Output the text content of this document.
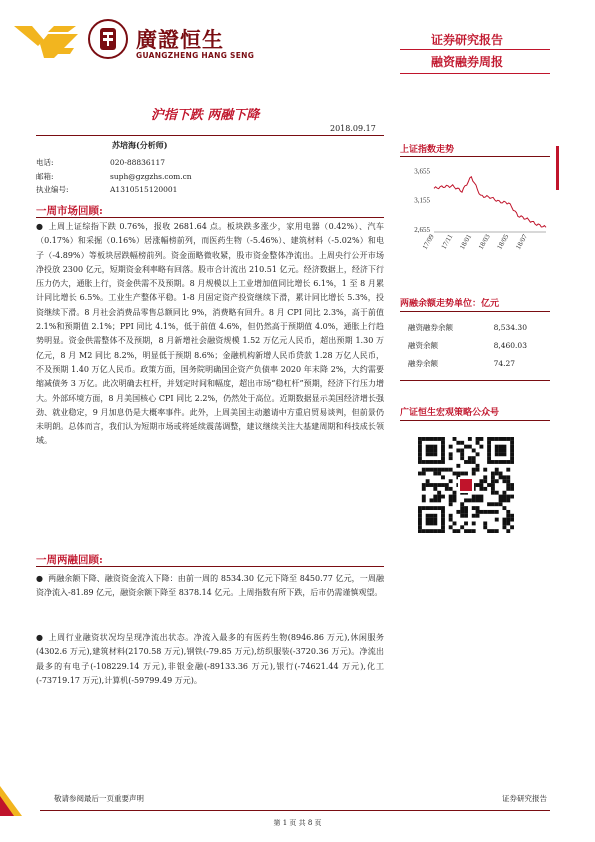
廣證恒生
GUANGZHENG HANG SENG
证券研究报告
融资融券周报
沪指下跌 两融下降
2018.09.17
苏培海(分析师)
电话:	020-88836117
邮箱:	suph@gzgzhs.com.cn
执业编号:	A1310515120001
一周市场回顾:
● 上周上证综指下跌 0.76%，报收 2681.64 点。板块跌多涨少，家用电器（0.42%）、汽车（0.17%）和采掘（0.16%）居涨幅榜前列，而医药生物（-5.46%）、建筑材料（-5.02%）和电子（-4.89%）等板块居跌幅榜前列。资金面略微收紧，股市资金整体净流出。上周央行公开市场净投放 2300 亿元，短期资金利率略有回落。股市合计流出 210.51 亿元。经济数据上，经济下行压力仍大，通胀上行，资金供需不及预期。8 月规模以上工业增加值同比增长 6.1%，1 至 8 月累计同比增长 6.5%。工业生产整体平稳。1-8 月固定资产投资继续下滑，累计同比增长 5.3%，投资继续下滑。8 月社会消费品零售总额同比 9%，消费略有回升。8 月 CPI 同比 2.3%，高于前值 2.1%和预期值 2.1%；PPI 同比 4.1%，低于前值 4.6%，但仍然高于预期值 4.0%，通胀上行趋势明显。资金供需整体不及预期，8 月新增社会融资规模 1.52 万亿元人民币，超出预期 1.30 万亿元，8 月 M2 同比 8.2%，明显低于预期 8.6%；金融机构新增人民币贷款 1.28 万亿人民币，不及预期 1.40 万亿人民币。政策方面，国务院明确国企资产负债率 2020 年末降 2%，大约需要缩减债务 3 万亿。此次明确去杠杆，并划定时间和幅度，超出市场“稳杠杆”预期，经济下行压力增大。外部环境方面，8 月美国核心 CPI 同比 2.2%，仍然处于高位。近期数据显示美国经济增长强劲、就业稳定，9 月加息仍是大概率事件。此外，上周美国主动邀请中方重启贸易谈判，但前景仍未明朗。总体而言，我们认为短期市场或将延续震荡调整，建议继续关注大基建周期和科技成长领域。
一周两融回顾:
● 两融余额下降、融资资金流入下降：由前一周的 8534.30 亿元下降至 8450.77 亿元，一周融资净流入-81.89 亿元，融资余额下降至 8378.14 亿元。上周指数有所下跌，后市仍需谨慎观望。
● 上周行业融资状况均呈现净流出状态。净流入最多的有医药生物(8946.86 万元),休闲服务(4302.6 万元),建筑材料(2170.58 万元),钢铁(-79.85 万元),纺织服装(-3720.36 万元)。净流出最多的有电子(-108229.14 万元),非银金融(-89133.36 万元),银行(-74621.44 万元),化工(-73719.17 万元),计算机(-59799.49 万元)。
上证指数走势
3,655
3,155
2,655
17/09 17/11 18/01 18/03 18/05 18/07
两融余额走势单位：亿元
融资融券余额	8,534.30
融资余额	8,460.03
融券余额	74.27
广证恒生宏观策略公众号
敬请参阅最后一页重要声明	证券研究报告
第 1 页 共 8 页
